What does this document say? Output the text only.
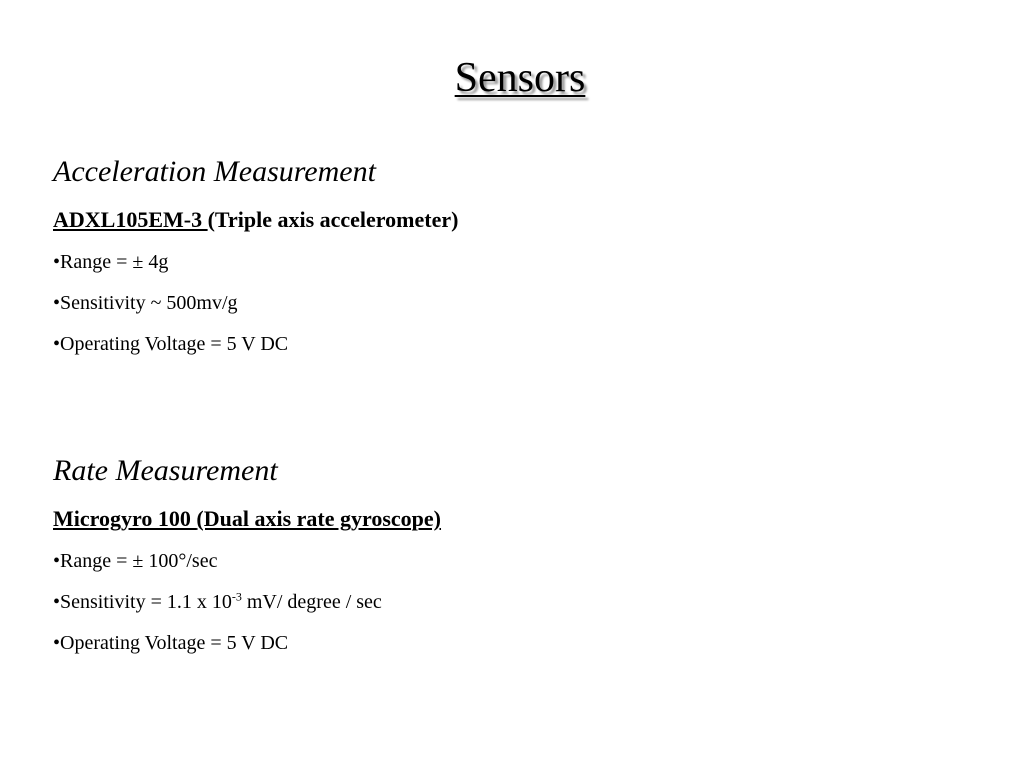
Sensors

Acceleration Measurement

ADXL105EM-3 (Triple axis accelerometer)

•Range = ± 4g

•Sensitivity ~ 500mv/g

•Operating Voltage = 5 V DC

Rate Measurement

Microgyro 100 (Dual axis rate gyroscope)

•Range = ± 100°/sec

•Sensitivity = 1.1 x $10^{-3}$ mV/ degree / sec

•Operating Voltage = 5 V DC
